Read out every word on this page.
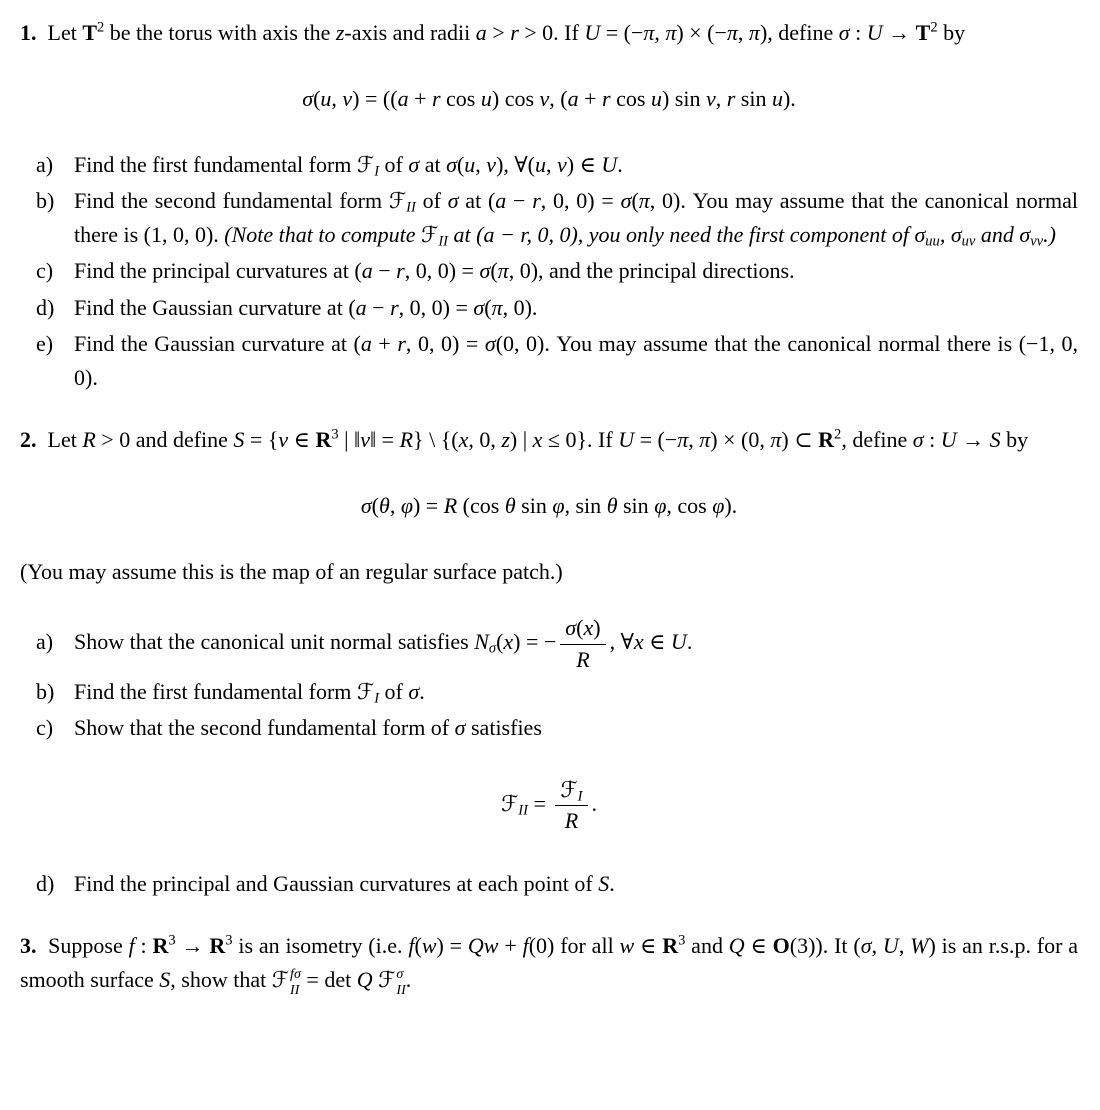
1.  Let $T^2$ be the torus with axis the z-axis and radii a > r > 0. If U = (−π, π) × (−π, π), define σ : $U \to T^2$ by

σ(u, v) = ((a + r cos u) cos v, (a + r cos u) sin v, r sin u).
a) Find the first fundamental form ℱ$_I$ of σ at σ(u, v), ∀(u, v) ∈ U.
b) Find the second fundamental form ℱ$_{II}$ of σ at (a − r, 0, 0) = σ(π, 0). You may assume that the canonical normal there is (1, 0, 0). (Note that to compute ℱ$_{II}$ at (a − r, 0, 0), you only need the first component of $\sigma_{uu}$, $\sigma_{uv}$ and $\sigma_{vv}$.)
c) Find the principal curvatures at (a − r, 0, 0) = σ(π, 0), and the principal directions.
d) Find the Gaussian curvature at (a − r, 0, 0) = σ(π, 0).
e) Find the Gaussian curvature at (a + r, 0, 0) = σ(0, 0). You may assume that the canonical normal there is (−1, 0, 0).

2.  Let R > 0 and define S = {v ∈ $R^3$ | ‖v‖ = R} \ {(x, 0, z) | x ≤ 0}. If U = (−π, π) × (0, π) ⊂ $R^2$, define σ : U → S by

σ(θ, φ) = R (cos θ sin φ, sin θ sin φ, cos φ).

(You may assume this is the map of an regular surface patch.)

a) Show that the canonical unit normal satisfies $N_\sigma(x)$ = − $\frac{\sigma(x)}{R}$ , ∀x ∈ U.
b) Find the first fundamental form ℱ$_I$ of σ.
c) Show that the second fundamental form of σ satisfies
ℱ$_{II}$ = $\frac{ℱ_I}{R}$ .
d) Find the principal and Gaussian curvatures at each point of S.

3.  Suppose f : $R^3 \to R^3$ is an isometry (i.e. f(w) = Qw + f(0) for all w ∈ $R^3$ and Q ∈ O(3)). It (σ, U, W) is an r.s.p. for a smooth surface S, show that ℱ fσ
II = det Q ℱ σ
II .
